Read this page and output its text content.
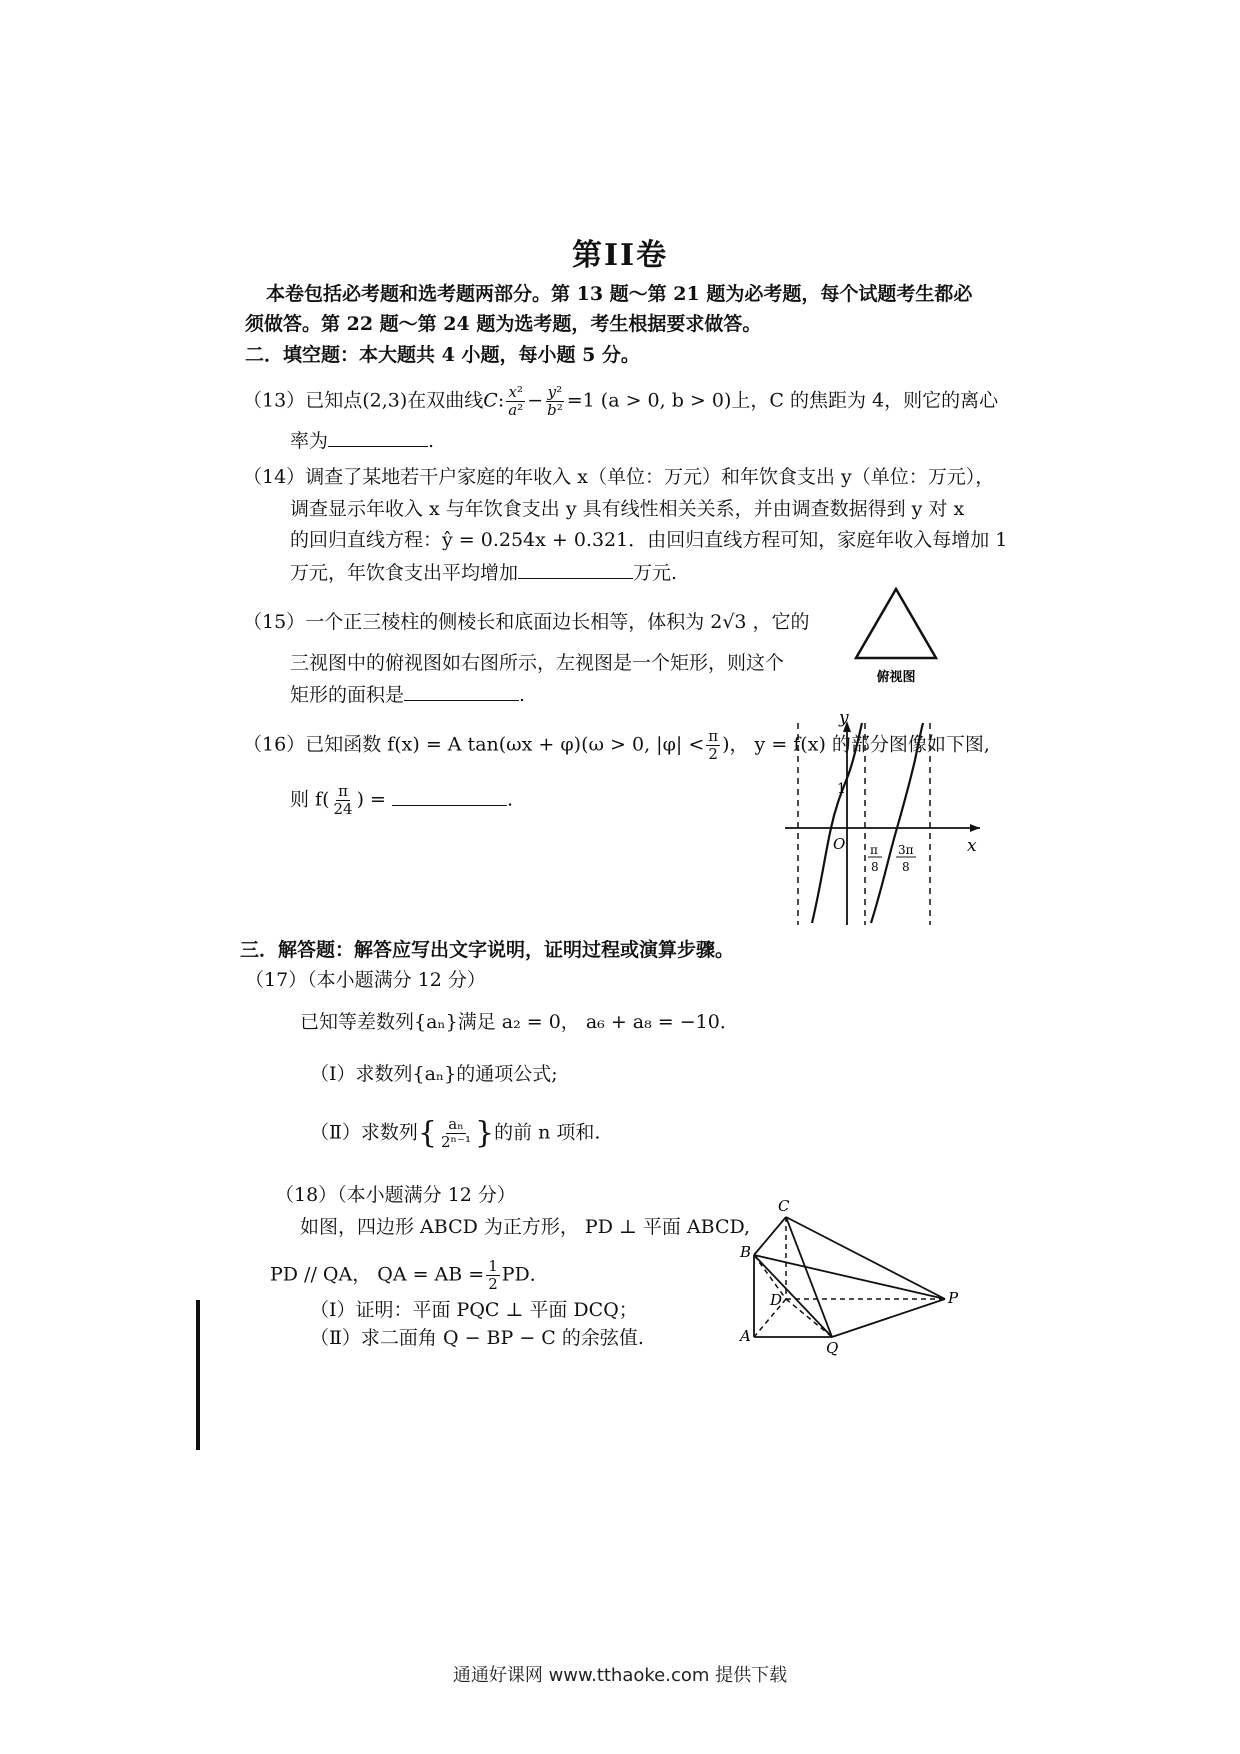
第II卷
本卷包括必考题和选考题两部分。第 13 题～第 21 题为必考题，每个试题考生都必
须做答。第 22 题～第 24 题为选考题，考生根据要求做答。
二．填空题：本大题共 4 小题，每小题 5 分。
（13）已知点(2,3)在双曲线C: $\frac{\text{x²}}{\text{a²}} - \frac{\text{y²}}{\text{b²}} =1$ (a > 0, b > 0)上，C 的焦距为 4，则它的离心
率为	.
（14）调查了某地若干户家庭的年收入 x（单位：万元）和年饮食支出 y（单位：万元），
调查显示年收入 x 与年饮食支出 y 具有线性相关关系，并由调查数据得到 y 对 x
的回归直线方程：ŷ = 0.254x + 0.321．由回归直线方程可知，家庭年收入每增加 1
万元，年饮食支出平均增加	万元.
（15）一个正三棱柱的侧棱长和底面边长相等，体积为 2√3 ，它的
三视图中的俯视图如右图所示，左视图是一个矩形，则这个
矩形的面积是	.
俯视图
（16）已知函数 f(x) = A tan(ωx + φ)(ω > 0, $|\varphi| < \frac{\pi}{2}$ )， y = f(x) 的部分图像如下图,
则 $f( \frac{\pi}{24}$ ) =	.
y
x
O
1
π
8
3π
8
三．解答题：解答应写出文字说明，证明过程或演算步骤。
（17）（本小题满分 12 分）
已知等差数列{aₙ}满足 a₂ = 0， a₆ + a₈ = −10．
（Ⅰ）求数列{aₙ}的通项公式;
（Ⅱ）求数列{ $\frac{\text{aₙ}}{\text{2ⁿ⁻¹}}$ }的前 n 项和.
（18）（本小题满分 12 分）
如图，四边形 ABCD 为正方形， PD ⊥ 平面 ABCD,
PD // QA， QA = AB = $\frac{1}{2}$ PD．
（Ⅰ）证明：平面 PQC ⊥ 平面 DCQ；
（Ⅱ）求二面角 Q − BP − C 的余弦值.
C
B
D
A
Q
P
通通好课网 www.tthaoke.com 提供下载
